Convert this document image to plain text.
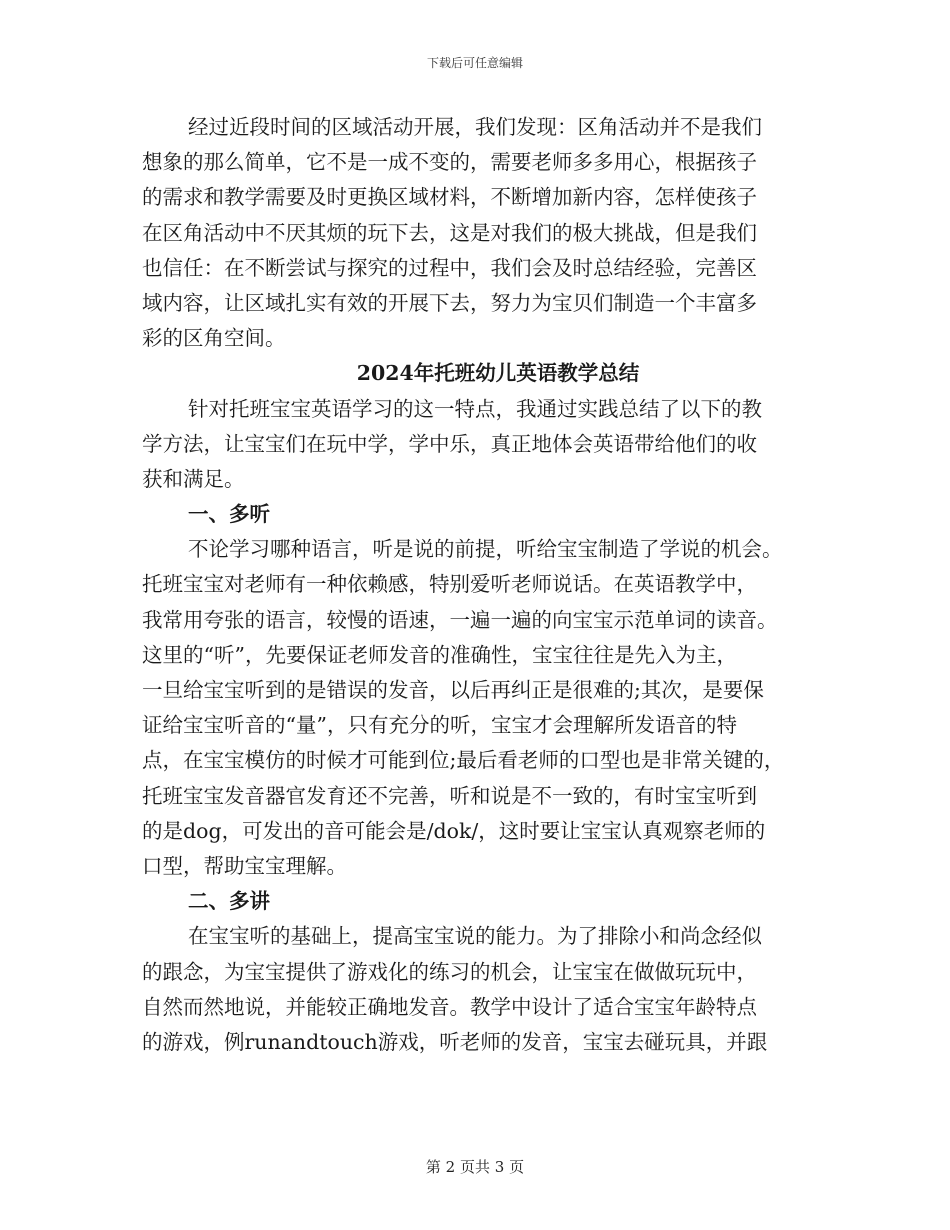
下载后可任意编辑
经过近段时间的区域活动开展，我们发现：区角活动并不是我们
想象的那么简单，它不是一成不变的，需要老师多多用心，根据孩子
的需求和教学需要及时更换区域材料，不断增加新内容，怎样使孩子
在区角活动中不厌其烦的玩下去，这是对我们的极大挑战，但是我们
也信任：在不断尝试与探究的过程中，我们会及时总结经验，完善区
域内容，让区域扎实有效的开展下去，努力为宝贝们制造一个丰富多
彩的区角空间。
2024年托班幼儿英语教学总结
针对托班宝宝英语学习的这一特点，我通过实践总结了以下的教
学方法，让宝宝们在玩中学，学中乐，真正地体会英语带给他们的收
获和满足。
一、多听
不论学习哪种语言，听是说的前提，听给宝宝制造了学说的机会。
托班宝宝对老师有一种依赖感，特别爱听老师说话。在英语教学中，
我常用夸张的语言，较慢的语速，一遍一遍的向宝宝示范单词的读音。
这里的“听”，先要保证老师发音的准确性，宝宝往往是先入为主，
一旦给宝宝听到的是错误的发音，以后再纠正是很难的;其次，是要保
证给宝宝听音的“量”，只有充分的听，宝宝才会理解所发语音的特
点，在宝宝模仿的时候才可能到位;最后看老师的口型也是非常关键的，
托班宝宝发音器官发育还不完善，听和说是不一致的，有时宝宝听到
的是dog，可发出的音可能会是/dok/，这时要让宝宝认真观察老师的
口型，帮助宝宝理解。
二、多讲
在宝宝听的基础上，提高宝宝说的能力。为了排除小和尚念经似
的跟念，为宝宝提供了游戏化的练习的机会，让宝宝在做做玩玩中，
自然而然地说，并能较正确地发音。教学中设计了适合宝宝年龄特点
的游戏，例runandtouch游戏，听老师的发音，宝宝去碰玩具，并跟
第 2 页共 3 页
